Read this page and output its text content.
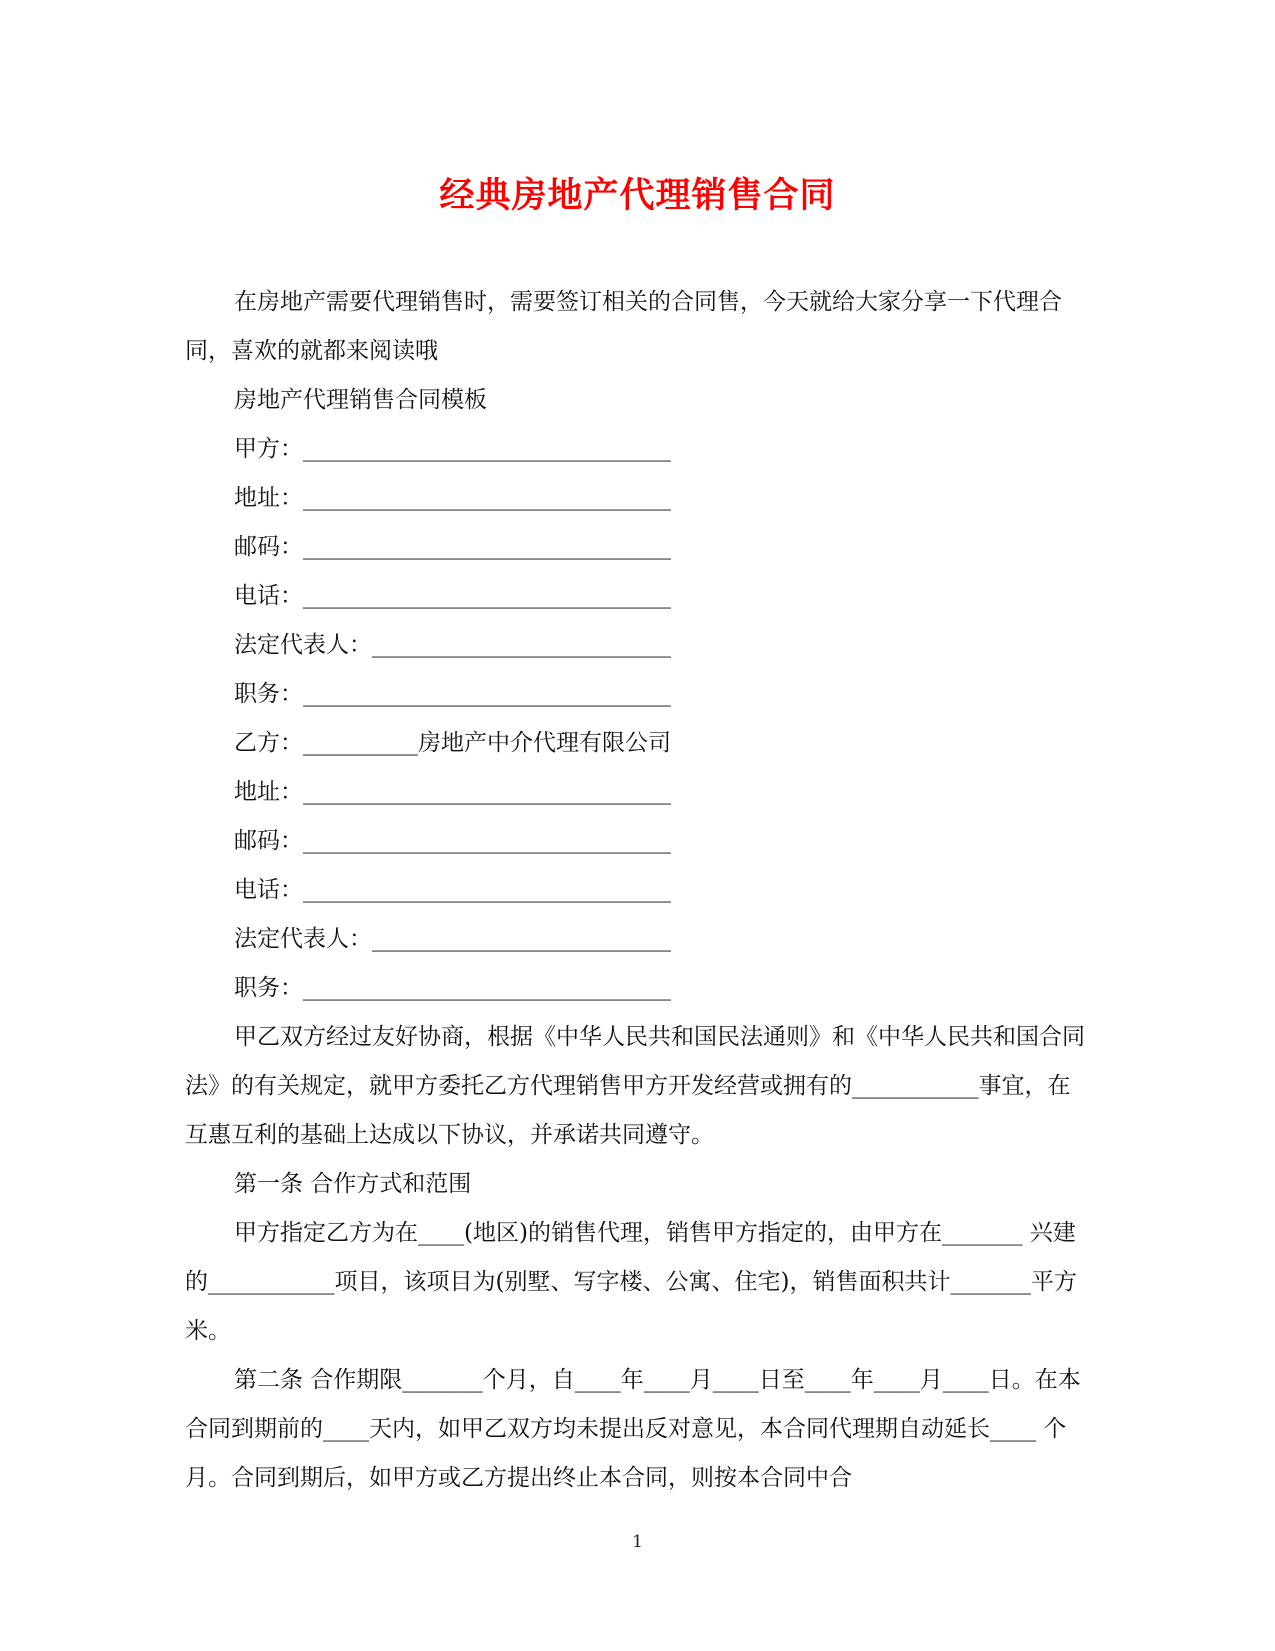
经典房地产代理销售合同

在房地产需要代理销售时，需要签订相关的合同售，今天就给大家分享一下代理合同，喜欢的就都来阅读哦

房地产代理销售合同模板

甲方：________________________________

地址：________________________________

邮码：________________________________

电话：________________________________

法定代表人：__________________________

职务：________________________________

乙方：__________房地产中介代理有限公司

地址：________________________________

邮码：________________________________

电话：________________________________

法定代表人：__________________________

职务：________________________________

甲乙双方经过友好协商，根据《中华人民共和国民法通则》和《中华人民共和国合同法》的有关规定，就甲方委托乙方代理销售甲方开发经营或拥有的___________事宜，在互惠互利的基础上达成以下协议，并承诺共同遵守。

第一条 合作方式和范围

甲方指定乙方为在____(地区)的销售代理，销售甲方指定的，由甲方在_______ 兴建的___________项目，该项目为(别墅、写字楼、公寓、住宅)，销售面积共计_______平方米。

第二条 合作期限_______个月，自____年____月____日至____年____月____日。在本合同到期前的____天内，如甲乙双方均未提出反对意见，本合同代理期自动延长____ 个月。合同到期后，如甲方或乙方提出终止本合同，则按本合同中合

1
